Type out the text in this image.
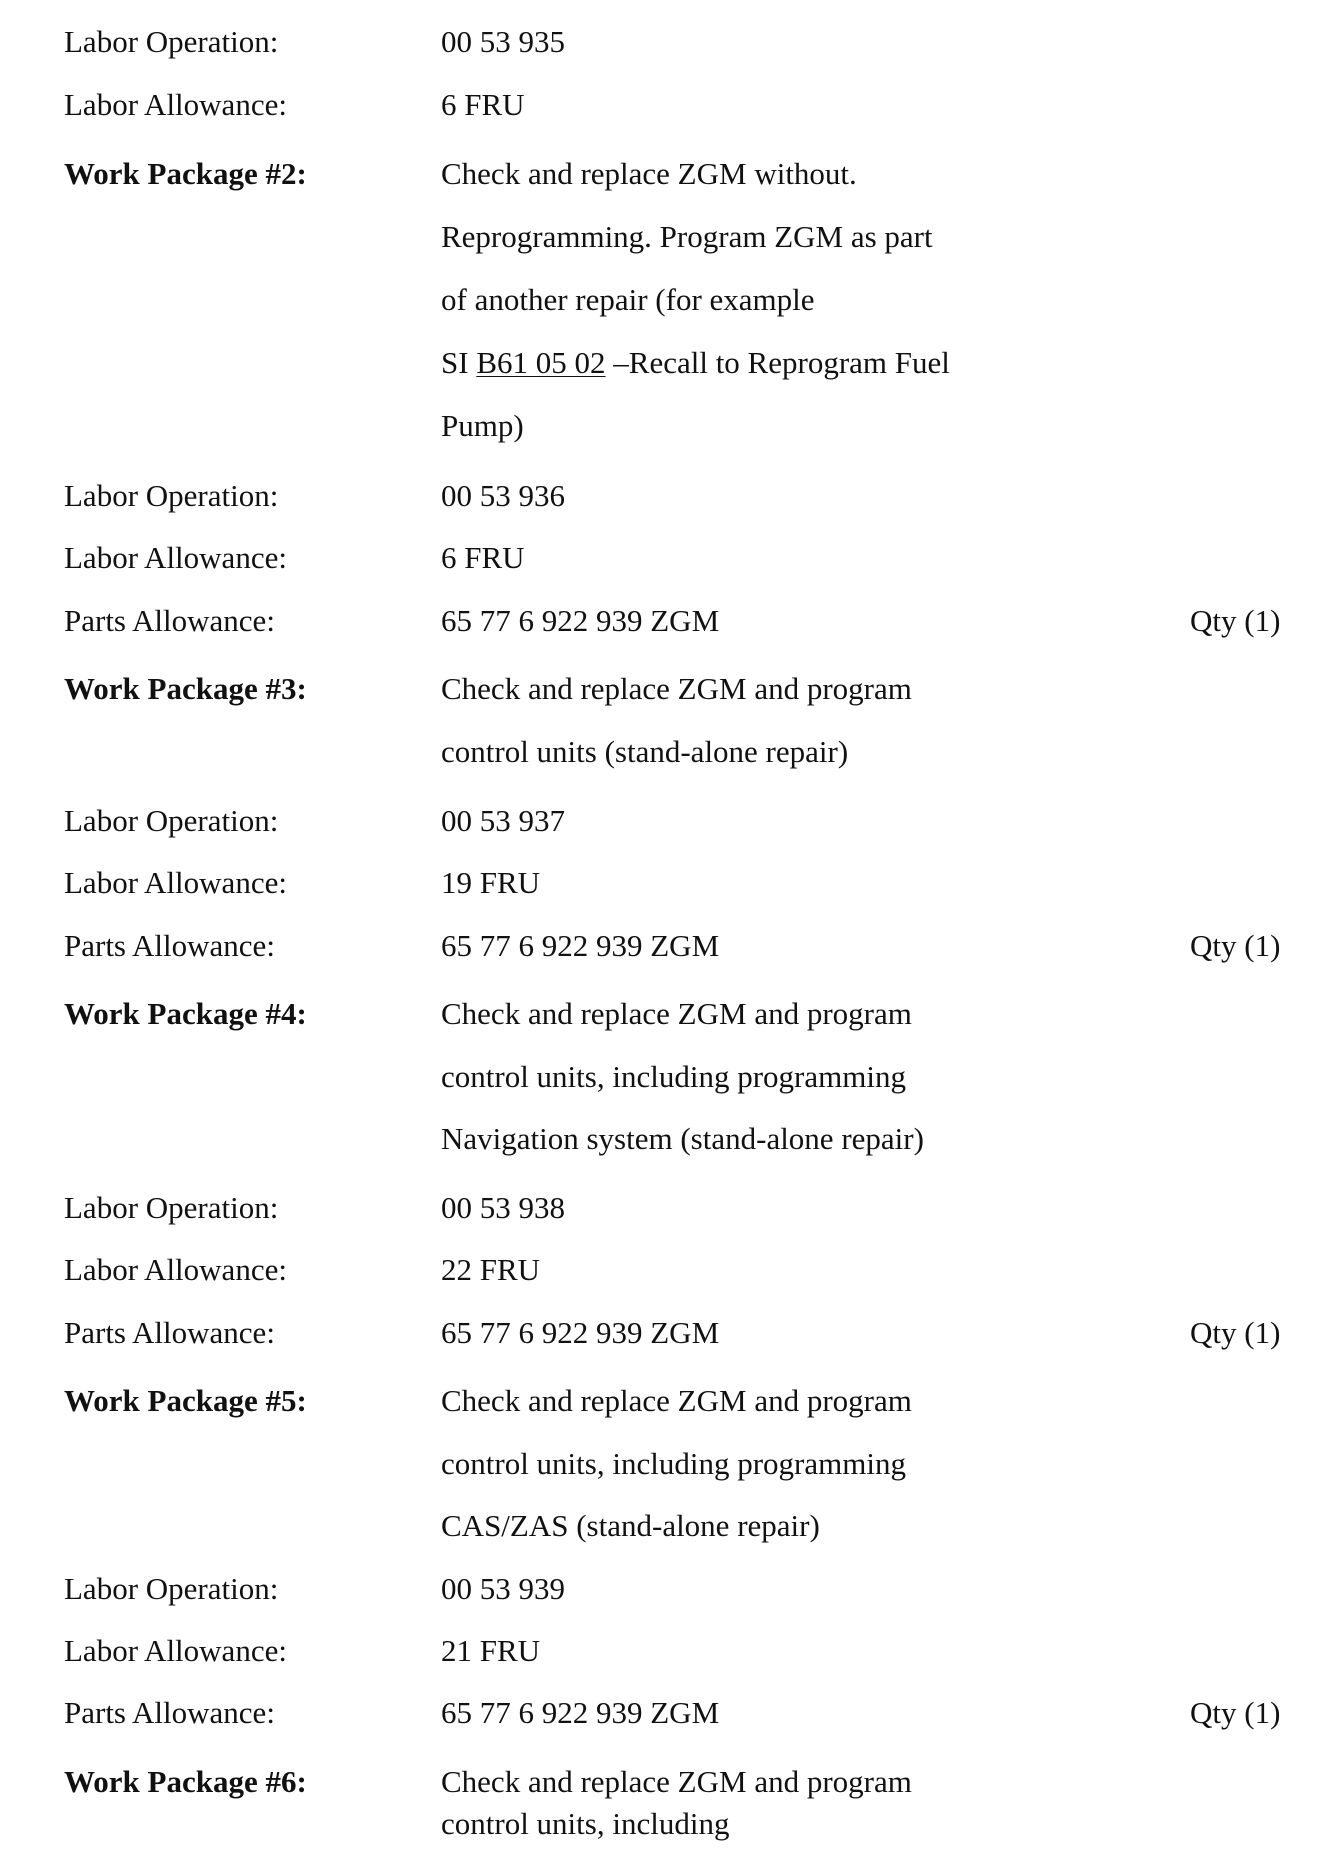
Labor Operation:	00 53 935
Labor Allowance:	6 FRU
Work Package #2:	Check and replace ZGM without.
Reprogramming. Program ZGM as part
of another repair (for example
SI B61 05 02 –Recall to Reprogram Fuel
Pump)
Labor Operation:	00 53 936
Labor Allowance:	6 FRU
Parts Allowance:	65 77 6 922 939 ZGM	Qty (1)
Work Package #3:	Check and replace ZGM and program
control units (stand-alone repair)
Labor Operation:	00 53 937
Labor Allowance:	19 FRU
Parts Allowance:	65 77 6 922 939 ZGM	Qty (1)
Work Package #4:	Check and replace ZGM and program
control units, including programming
Navigation system (stand-alone repair)
Labor Operation:	00 53 938
Labor Allowance:	22 FRU
Parts Allowance:	65 77 6 922 939 ZGM	Qty (1)
Work Package #5:	Check and replace ZGM and program
control units, including programming
CAS/ZAS (stand-alone repair)
Labor Operation:	00 53 939
Labor Allowance:	21 FRU
Parts Allowance:	65 77 6 922 939 ZGM	Qty (1)
Work Package #6:	Check and replace ZGM and program
control units, including
